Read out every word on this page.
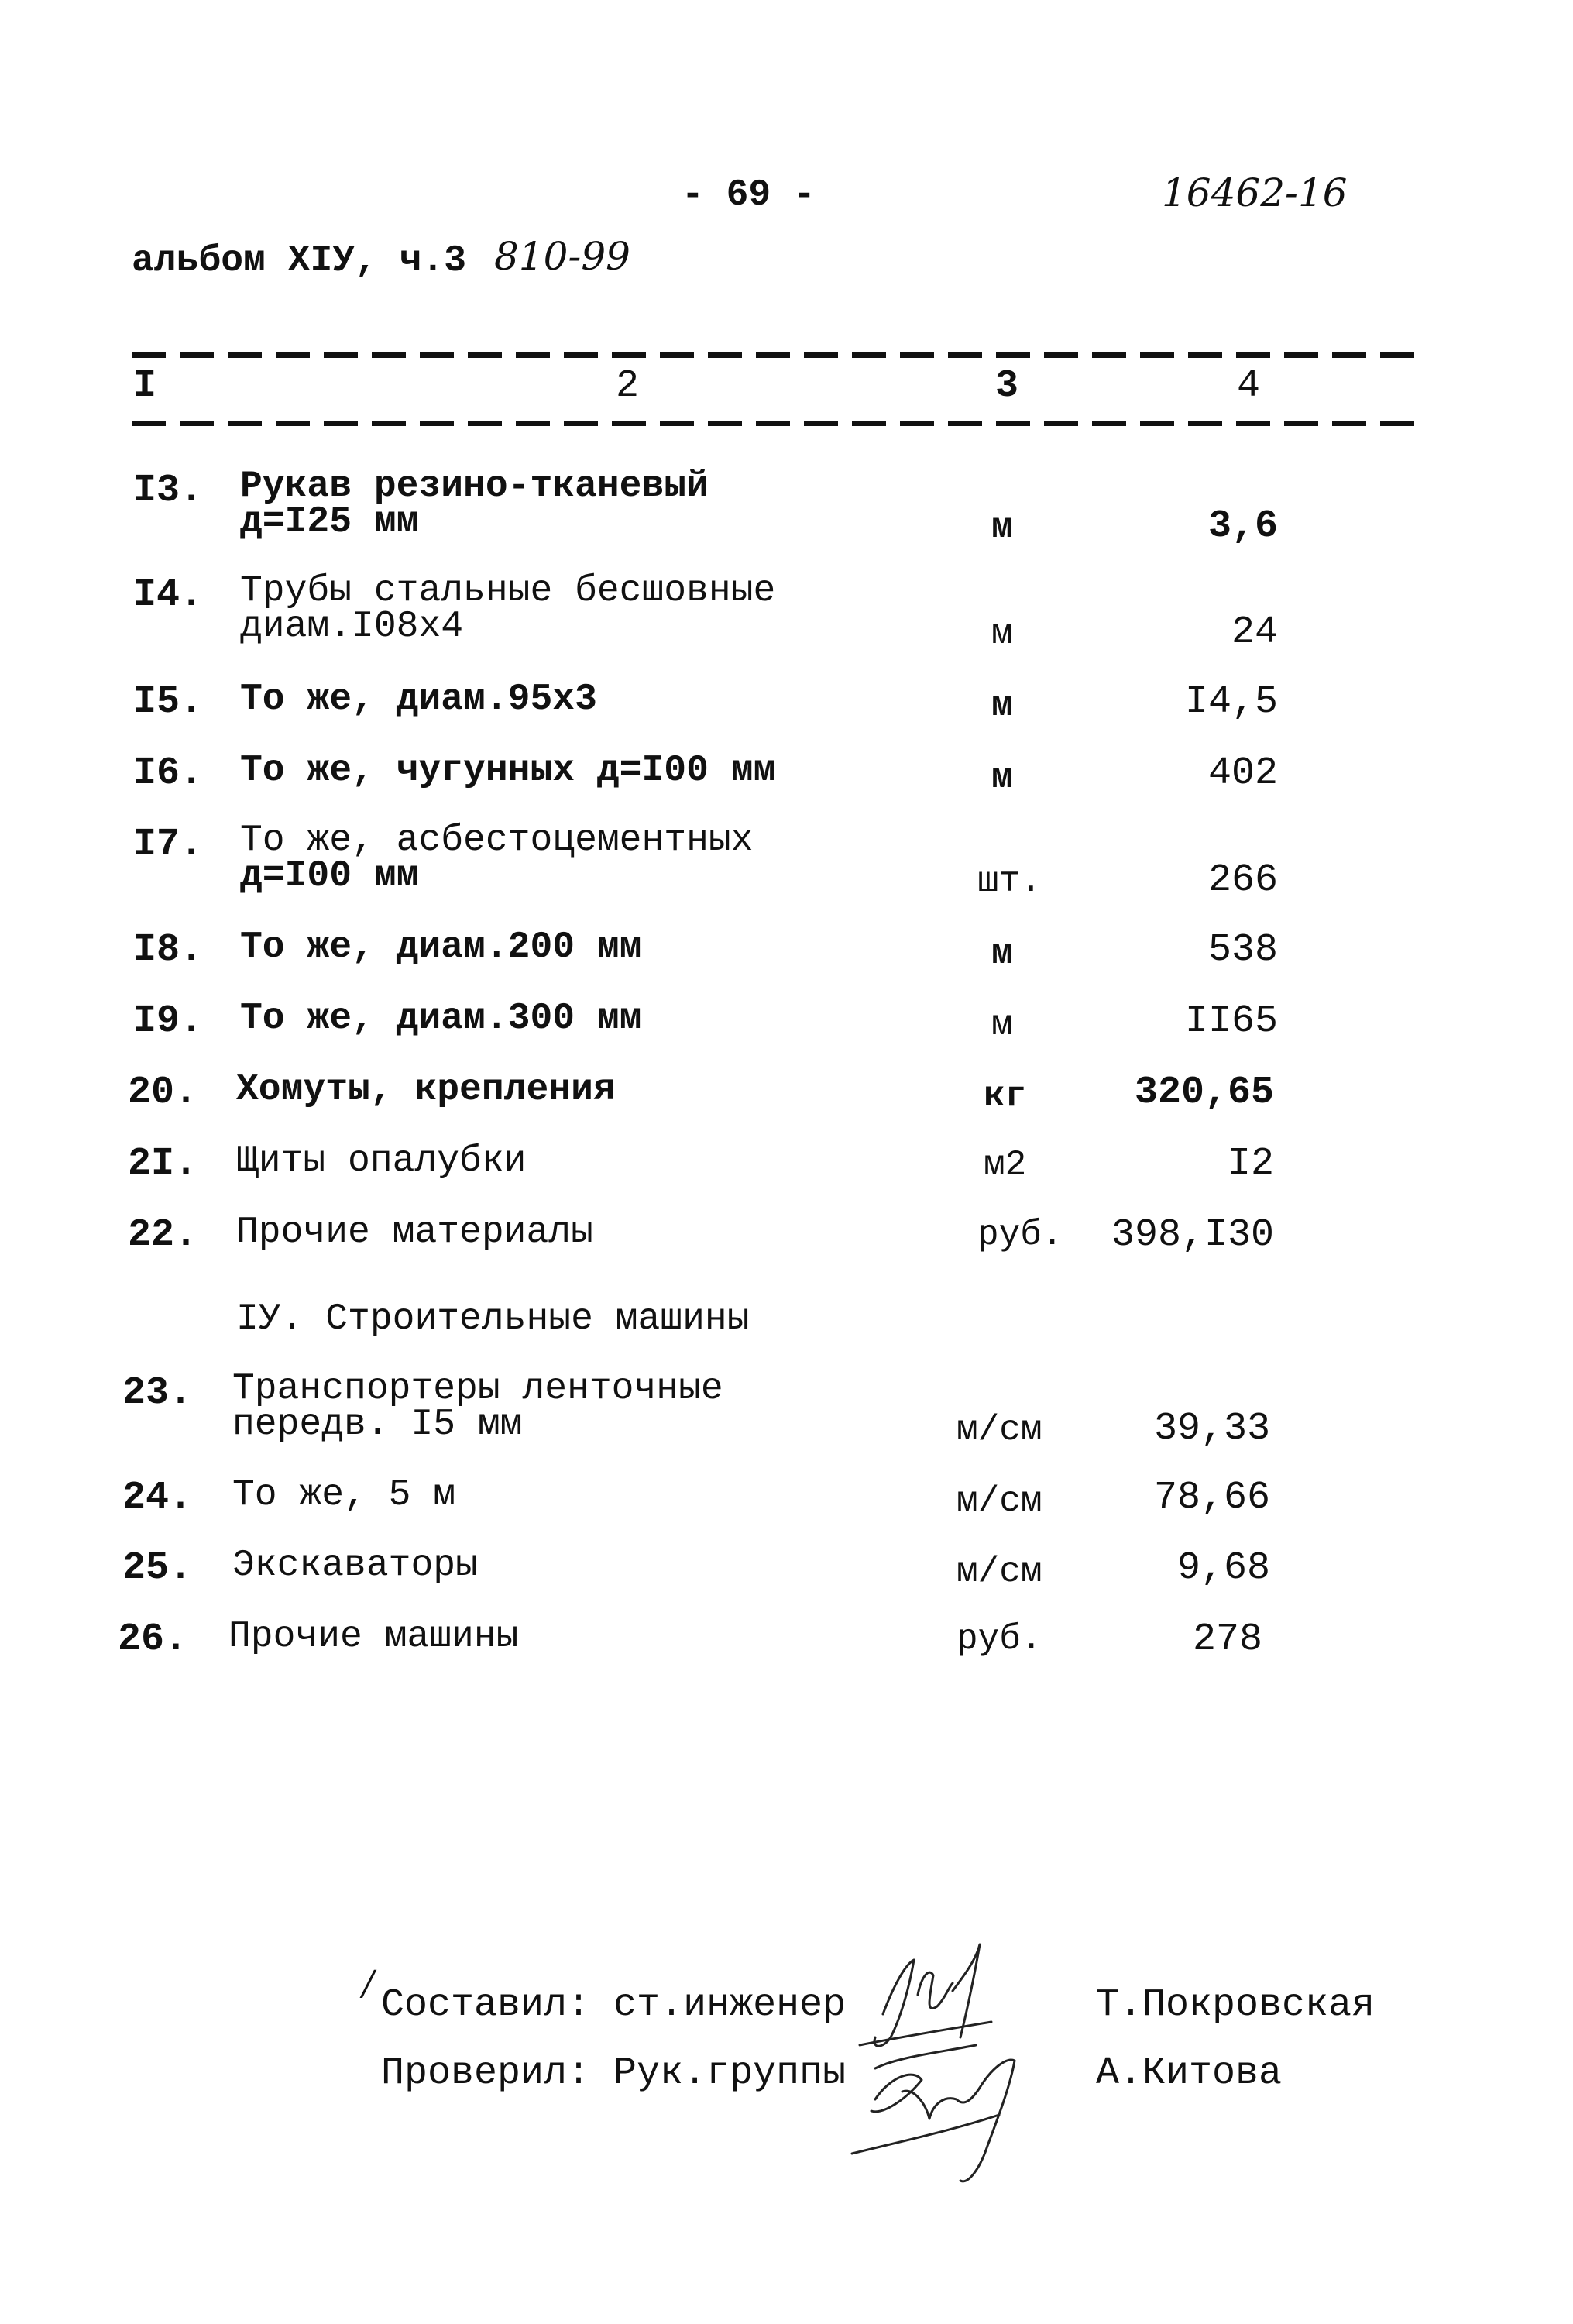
- 69 -	16462-16
альбом ХІУ, ч.3 810-99
I	2	3	4
I3. Рукав резино-тканевый
д=I25 мм	м	3,6
I4. Трубы стальные бесшовные
диам.I08х4	м	24
I5. То же, диам.95х3	м	I4,5
I6. То же, чугунных д=I00 мм	м	402
I7. То же, асбестоцементных
д=I00 мм	шт.	266
I8. То же, диам.200 мм	м	538
I9. То же, диам.300 мм	м	II65
20. Хомуты, крепления	кг	320,65
2I. Щиты опалубки	м2	I2
22. Прочие материалы	руб.	398,I30
IУ. Строительные машины
23. Транспортеры ленточные
передв. I5 мм	м/см	39,33
24. То же, 5 м	м/см	78,66
25. Экскаваторы	м/см	9,68
26. Прочие машины	руб.	278
/ Составил: ст.инженер	Т.Покровская
Проверил: Рук.группы	А.Китова
